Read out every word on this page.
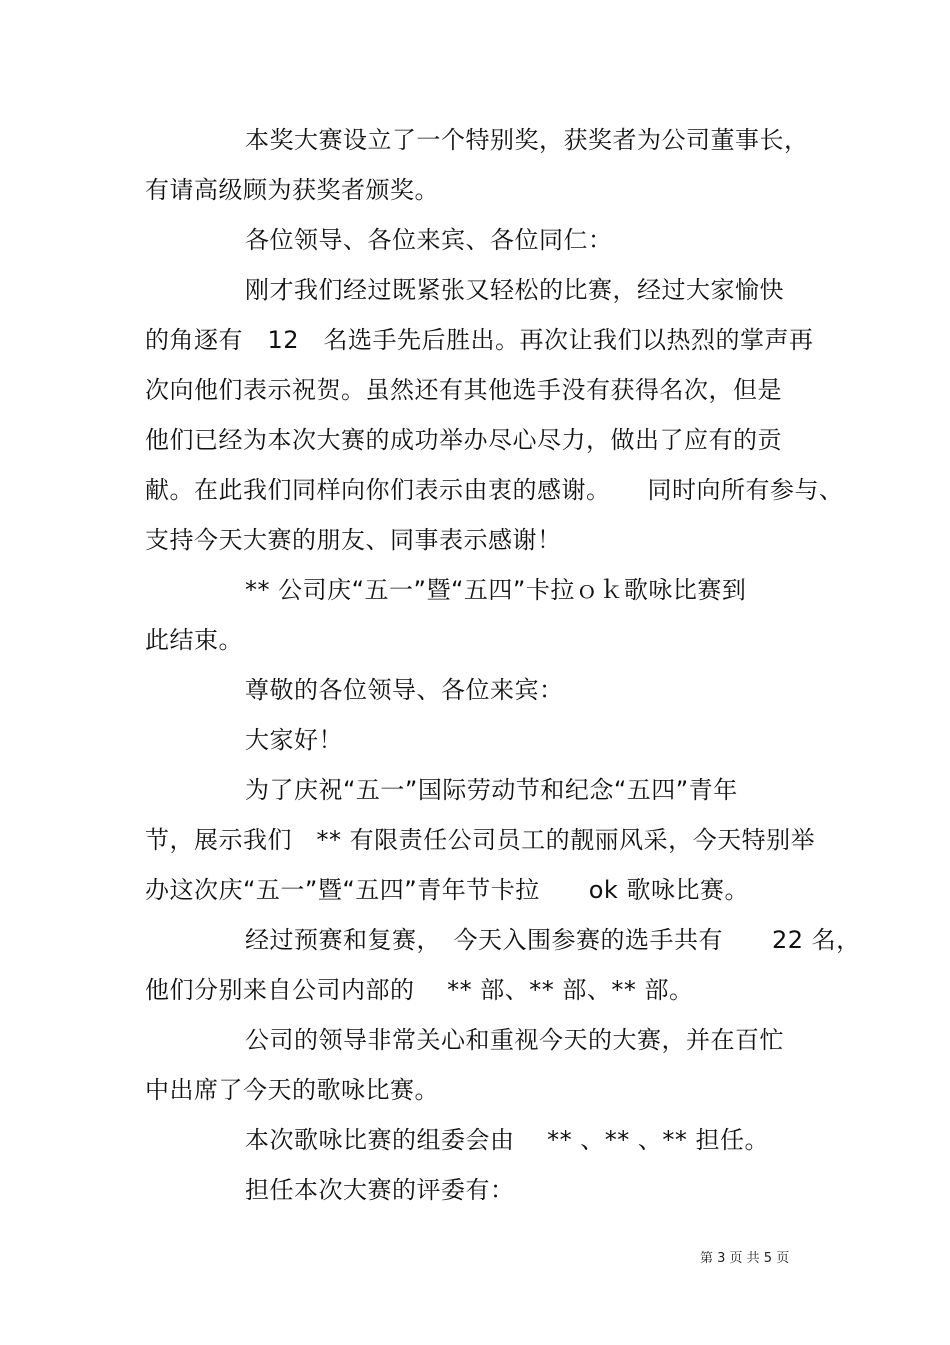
本奖大赛设立了一个特别奖，获奖者为公司董事长，
有请高级顾为获奖者颁奖。
各位领导、各位来宾、各位同仁：
刚才我们经过既紧张又轻松的比赛，经过大家愉快
的角逐有　12　名选手先后胜出。再次让我们以热烈的掌声再
次向他们表示祝贺。虽然还有其他选手没有获得名次，但是
他们已经为本次大赛的成功举办尽心尽力，做出了应有的贡
献。在此我们同样向你们表示由衷的感谢。　　同时向所有参与、
支持今天大赛的朋友、同事表示感谢！
** 公司庆“五一”暨“五四”卡拉ｏｋ歌咏比赛到
此结束。
尊敬的各位领导、各位来宾：
大家好！
为了庆祝“五一”国际劳动节和纪念“五四”青年
节，展示我们　** 有限责任公司员工的靓丽风采，今天特别举
办这次庆“五一”暨“五四”青年节卡拉　　ok 歌咏比赛。
经过预赛和复赛，　今天入围参赛的选手共有　　22 名，
他们分别来自公司内部的　 ** 部、** 部、** 部。
公司的领导非常关心和重视今天的大赛，并在百忙
中出席了今天的歌咏比赛。
本次歌咏比赛的组委会由　 ** 、** 、** 担任。
担任本次大赛的评委有：
第 3 页 共 5 页
